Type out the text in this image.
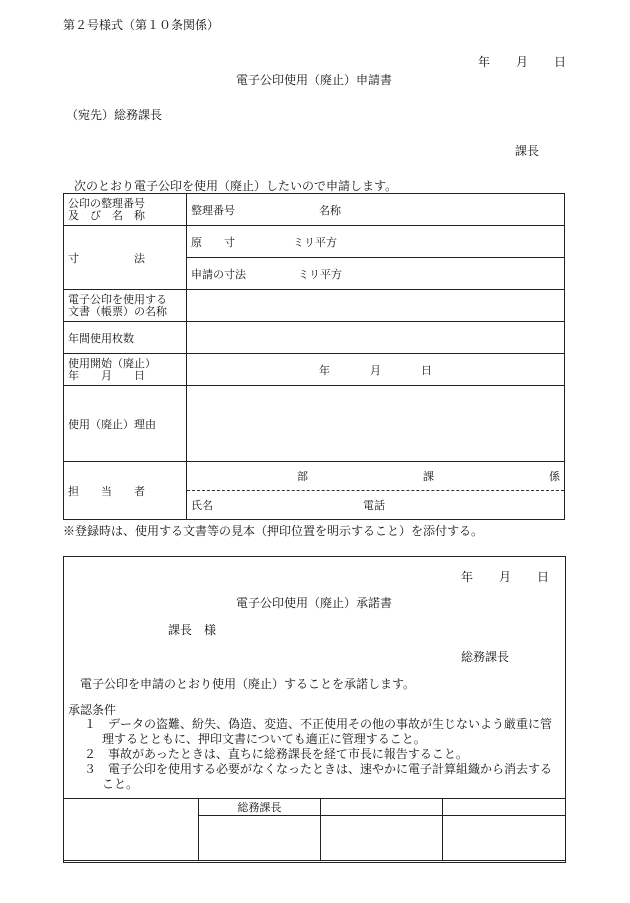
第２号様式（第１０条関係）
年 月 日
電子公印使用（廃止）申請書
（宛先）総務課長
課長
次のとおり電子公印を使用（廃止）したいので申請します。
公印の整理番号
及　び　名　称	整理番号 名称

寸　　　　　法	原　　寸 ミリ平方
	申請の寸法 ミリ平方

電子公印を使用する
文書（帳票）の名称	

年間使用枚数	

使用開始（廃止）
年　　月　　日	年 月 日

使用（廃止）理由	

担　　当　　者	部 課 係
氏名 電話
※登録時は、使用する文書等の見本（押印位置を明示すること）を添付する。
年 月 日
電子公印使用（廃止）承諾書
課長　様
総務課長
電子公印を申請のとおり使用（廃止）することを承諾します。
承認条件
１　 データの盗難、紛失、偽造、変造、不正使用その他の事故が生じないよう厳重に管
理するとともに、押印文書についても適正に管理すること。
２　 事故があったときは、直ちに総務課長を経て市長に報告すること。
３　 電子公印を使用する必要がなくなったときは、速やかに電子計算組織から消去する
こと。
	総務課長		
